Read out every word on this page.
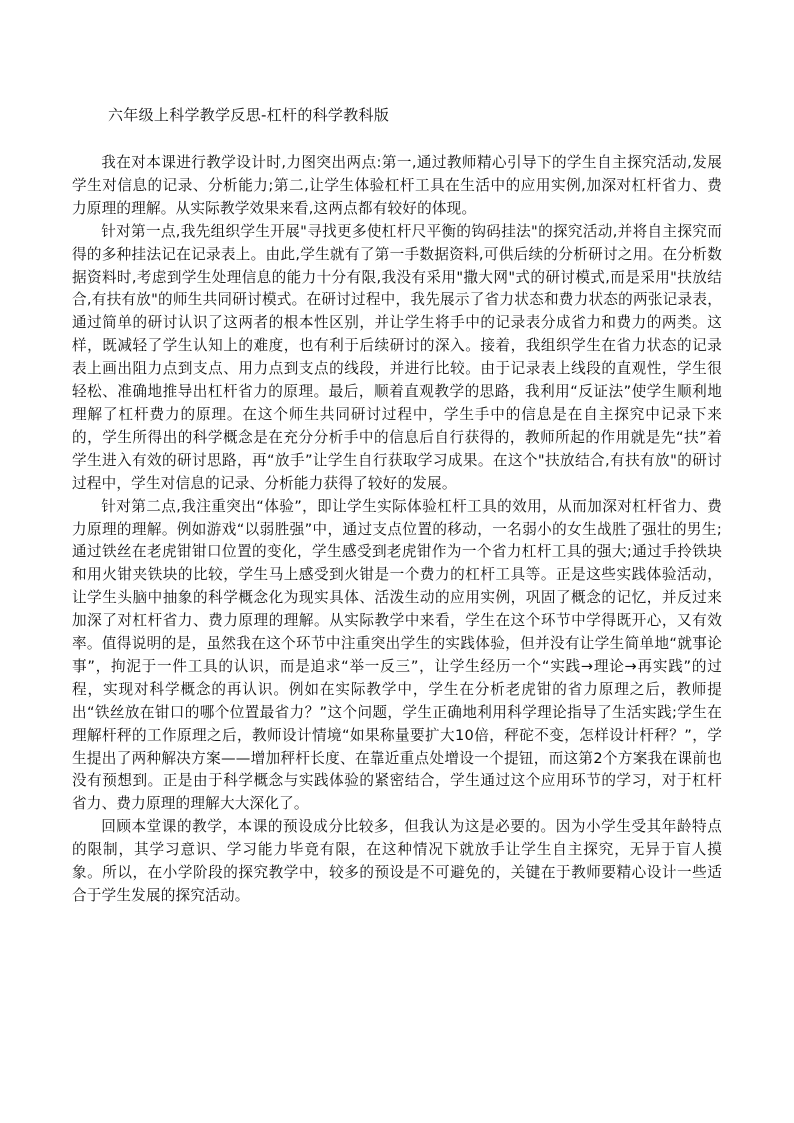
六年级上科学教学反思-杠杆的科学教科版

我在对本课进行教学设计时,力图突出两点:第一,通过教师精心引导下的学生自主探究活动,发展学生对信息的记录、分析能力;第二,让学生体验杠杆工具在生活中的应用实例,加深对杠杆省力、费力原理的理解。从实际教学效果来看,这两点都有较好的体现。

针对第一点,我先组织学生开展"寻找更多使杠杆尺平衡的钩码挂法"的探究活动,并将自主探究而得的多种挂法记在记录表上。由此,学生就有了第一手数据资料,可供后续的分析研讨之用。在分析数据资料时,考虑到学生处理信息的能力十分有限,我没有采用"撒大网"式的研讨模式,而是采用"扶放结合,有扶有放"的师生共同研讨模式。在研讨过程中，我先展示了省力状态和费力状态的两张记录表，通过简单的研讨认识了这两者的根本性区别，并让学生将手中的记录表分成省力和费力的两类。这样，既减轻了学生认知上的难度，也有利于后续研讨的深入。接着，我组织学生在省力状态的记录表上画出阻力点到支点、用力点到支点的线段，并进行比较。由于记录表上线段的直观性，学生很轻松、准确地推导出杠杆省力的原理。最后，顺着直观教学的思路，我利用“反证法”使学生顺利地理解了杠杆费力的原理。在这个师生共同研讨过程中，学生手中的信息是在自主探究中记录下来的，学生所得出的科学概念是在充分分析手中的信息后自行获得的，教师所起的作用就是先“扶”着学生进入有效的研讨思路，再“放手”让学生自行获取学习成果。在这个"扶放结合,有扶有放"的研讨过程中，学生对信息的记录、分析能力获得了较好的发展。

针对第二点,我注重突出“体验”，即让学生实际体验杠杆工具的效用，从而加深对杠杆省力、费力原理的理解。例如游戏“以弱胜强”中，通过支点位置的移动，一名弱小的女生战胜了强壮的男生;通过铁丝在老虎钳钳口位置的变化，学生感受到老虎钳作为一个省力杠杆工具的强大;通过手拎铁块和用火钳夹铁块的比较，学生马上感受到火钳是一个费力的杠杆工具等。正是这些实践体验活动，让学生头脑中抽象的科学概念化为现实具体、活泼生动的应用实例，巩固了概念的记忆，并反过来加深了对杠杆省力、费力原理的理解。从实际教学中来看，学生在这个环节中学得既开心，又有效率。值得说明的是，虽然我在这个环节中注重突出学生的实践体验，但并没有让学生简单地“就事论事”，拘泥于一件工具的认识，而是追求“举一反三”，让学生经历一个“实践→理论→再实践”的过程，实现对科学概念的再认识。例如在实际教学中，学生在分析老虎钳的省力原理之后，教师提出“铁丝放在钳口的哪个位置最省力？”这个问题，学生正确地利用科学理论指导了生活实践;学生在理解杆秤的工作原理之后，教师设计情境“如果称量要扩大10倍，秤砣不变，怎样设计杆秤？”，学生提出了两种解决方案——增加秤杆长度、在靠近重点处增设一个提钮，而这第2个方案我在课前也没有预想到。正是由于科学概念与实践体验的紧密结合，学生通过这个应用环节的学习，对于杠杆省力、费力原理的理解大大深化了。

回顾本堂课的教学，本课的预设成分比较多，但我认为这是必要的。因为小学生受其年龄特点的限制，其学习意识、学习能力毕竟有限，在这种情况下就放手让学生自主探究，无异于盲人摸象。所以，在小学阶段的探究教学中，较多的预设是不可避免的，关键在于教师要精心设计一些适合于学生发展的探究活动。
